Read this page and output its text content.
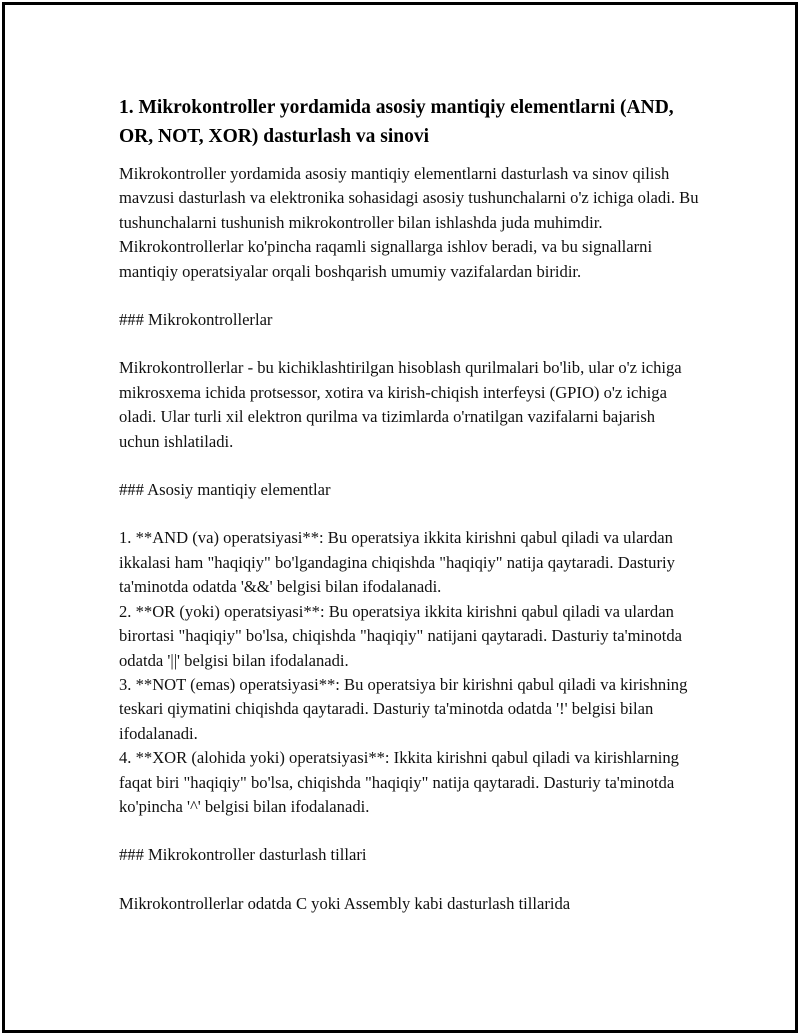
1. Mikrokontroller yordamida asosiy mantiqiy elementlarni (AND, OR, NOT, XOR) dasturlash va sinovi

Mikrokontroller yordamida asosiy mantiqiy elementlarni dasturlash va sinov qilish mavzusi dasturlash va elektronika sohasidagi asosiy tushunchalarni o'z ichiga oladi. Bu tushunchalarni tushunish mikrokontroller bilan ishlashda juda muhimdir. Mikrokontrollerlar ko'pincha raqamli signallarga ishlov beradi, va bu signallarni mantiqiy operatsiyalar orqali boshqarish umumiy vazifalardan biridir.

### Mikrokontrollerlar

Mikrokontrollerlar - bu kichiklashtirilgan hisoblash qurilmalari bo'lib, ular o'z ichiga mikrosxema ichida protsessor, xotira va kirish-chiqish interfeysi (GPIO) o'z ichiga oladi. Ular turli xil elektron qurilma va tizimlarda o'rnatilgan vazifalarni bajarish uchun ishlatiladi.

### Asosiy mantiqiy elementlar

1. **AND (va) operatsiyasi**: Bu operatsiya ikkita kirishni qabul qiladi va ulardan ikkalasi ham "haqiqiy" bo'lgandagina chiqishda "haqiqiy" natija qaytaradi. Dasturiy ta'minotda odatda '&&' belgisi bilan ifodalanadi.

2. **OR (yoki) operatsiyasi**: Bu operatsiya ikkita kirishni qabul qiladi va ulardan birortasi "haqiqiy" bo'lsa, chiqishda "haqiqiy" natijani qaytaradi. Dasturiy ta'minotda odatda '||' belgisi bilan ifodalanadi.

3. **NOT (emas) operatsiyasi**: Bu operatsiya bir kirishni qabul qiladi va kirishning teskari qiymatini chiqishda qaytaradi. Dasturiy ta'minotda odatda '!' belgisi bilan ifodalanadi.

4. **XOR (alohida yoki) operatsiyasi**: Ikkita kirishni qabul qiladi va kirishlarning faqat biri "haqiqiy" bo'lsa, chiqishda "haqiqiy" natija qaytaradi. Dasturiy ta'minotda ko'pincha '^' belgisi bilan ifodalanadi.

### Mikrokontroller dasturlash tillari

Mikrokontrollerlar odatda C yoki Assembly kabi dasturlash tillarida
